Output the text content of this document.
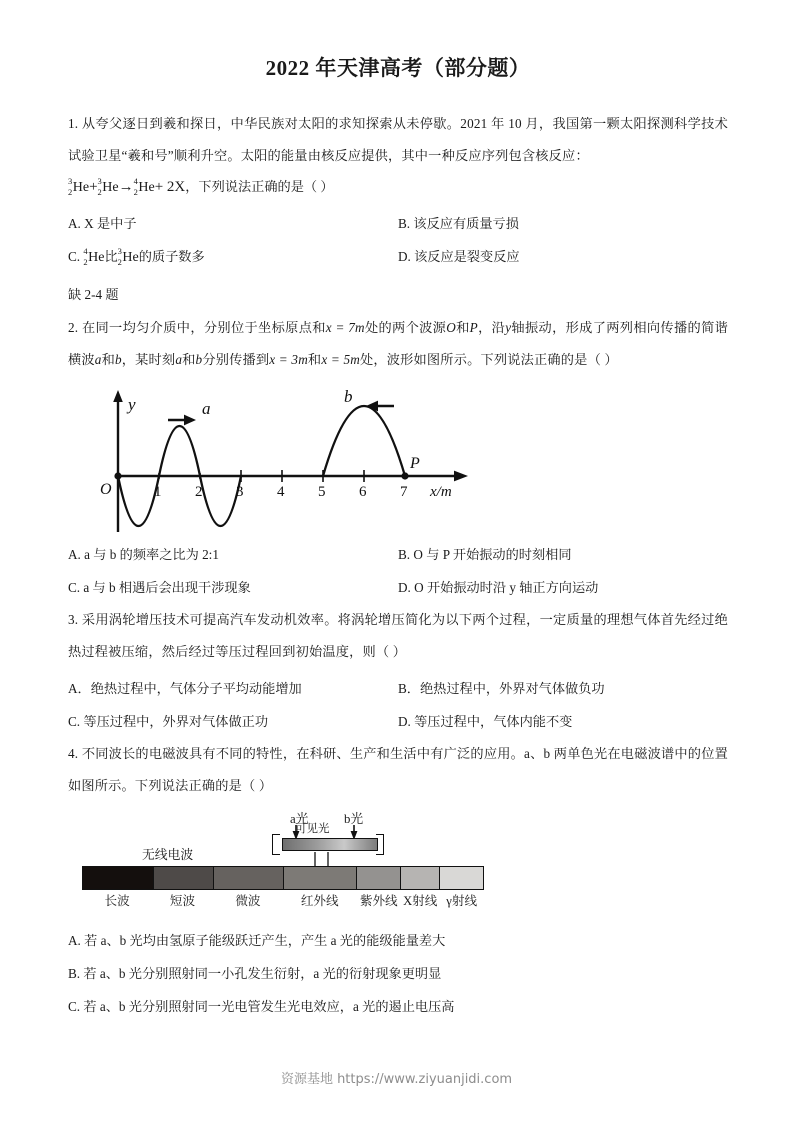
2022 年天津高考（部分题）

1. 从夸父逐日到羲和探日，中华民族对太阳的求知探索从未停歇。2021 年 10 月，我国第一颗太阳探测科学技术试验卫星“羲和号”顺利升空。太阳的能量由核反应提供，其中一种反应序列包含核反应：

3
2 He+ 3
2 He→ 4
2 He+ 2X，下列说法正确的是（ ）
A. X 是中子	B. 该反应有质量亏损
C. 4
2 He比 3
2 He的质子数多	D. 该反应是裂变反应

缺 2-4 题

2. 在同一均匀介质中，分别位于坐标原点和x = 7m处的两个波源O和P，沿y轴振动，形成了两列相向传播的简谐横波a和b，某时刻a和b分别传播到x = 3m和x = 5m处，波形如图所示。下列说法正确的是（ ）

y
O
a
b
P
x/m
1 2 3 4 5 6 7
A. a 与 b 的频率之比为 2:1	B. O 与 P 开始振动的时刻相同
C. a 与 b 相遇后会出现干涉现象	D. O 开始振动时沿 y 轴正方向运动

3. 采用涡轮增压技术可提高汽车发动机效率。将涡轮增压简化为以下两个过程，一定质量的理想气体首先经过绝热过程被压缩，然后经过等压过程回到初始温度，则（ ）

A．绝热过程中，气体分子平均动能增加	B．绝热过程中，外界对气体做负功
C. 等压过程中，外界对气体做正功	D. 等压过程中，气体内能不变

4. 不同波长的电磁波具有不同的特性，在科研、生产和生活中有广泛的应用。a、b 两单色光在电磁波谱中的位置如图所示。下列说法正确的是（ ）

a光	b光
可见光
无线电波
长波	短波	微波	红外线	紫外线 X射线 γ射线
A. 若 a、b 光均由氢原子能级跃迁产生，产生 a 光的能级能量差大
B. 若 a、b 光分别照射同一小孔发生衍射，a 光的衍射现象更明显
C. 若 a、b 光分别照射同一光电管发生光电效应，a 光的遏止电压高
资源基地 https://www.ziyuanjidi.com
